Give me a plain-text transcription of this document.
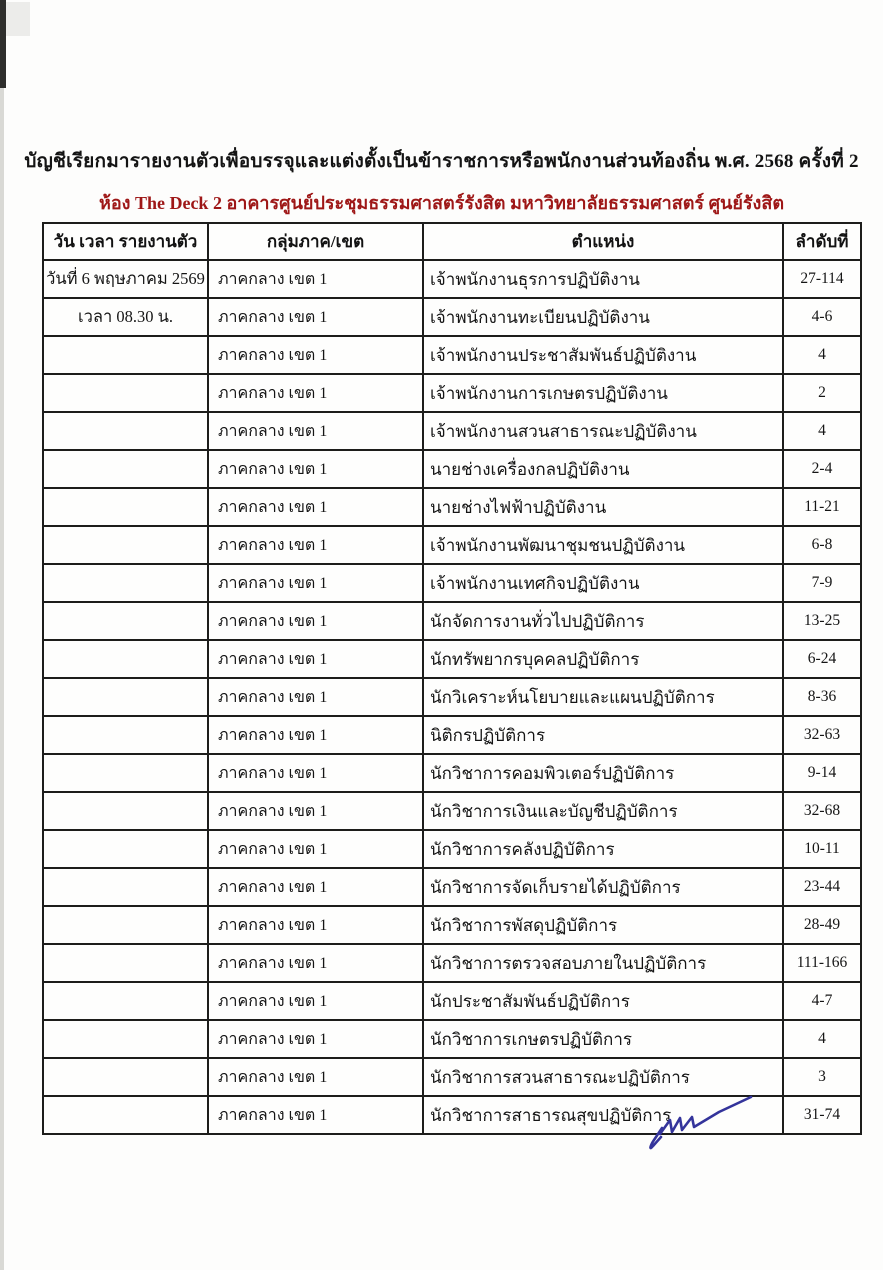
บัญชีเรียกมารายงานตัวเพื่อบรรจุและแต่งตั้งเป็นข้าราชการหรือพนักงานส่วนท้องถิ่น พ.ศ. 2568 ครั้งที่ 2
ห้อง The Deck 2 อาคารศูนย์ประชุมธรรมศาสตร์รังสิต มหาวิทยาลัยธรรมศาสตร์ ศูนย์รังสิต
วัน เวลา รายงานตัว	กลุ่มภาค/เขต	ตำแหน่ง	ลำดับที่
วันที่ 6 พฤษภาคม 2569	ภาคกลาง เขต 1	เจ้าพนักงานธุรการปฏิบัติงาน	27-114
เวลา 08.30 น.	ภาคกลาง เขต 1	เจ้าพนักงานทะเบียนปฏิบัติงาน	4-6
	ภาคกลาง เขต 1	เจ้าพนักงานประชาสัมพันธ์ปฏิบัติงาน	4
	ภาคกลาง เขต 1	เจ้าพนักงานการเกษตรปฏิบัติงาน	2
	ภาคกลาง เขต 1	เจ้าพนักงานสวนสาธารณะปฏิบัติงาน	4
	ภาคกลาง เขต 1	นายช่างเครื่องกลปฏิบัติงาน	2-4
	ภาคกลาง เขต 1	นายช่างไฟฟ้าปฏิบัติงาน	11-21
	ภาคกลาง เขต 1	เจ้าพนักงานพัฒนาชุมชนปฏิบัติงาน	6-8
	ภาคกลาง เขต 1	เจ้าพนักงานเทศกิจปฏิบัติงาน	7-9
	ภาคกลาง เขต 1	นักจัดการงานทั่วไปปฏิบัติการ	13-25
	ภาคกลาง เขต 1	นักทรัพยากรบุคคลปฏิบัติการ	6-24
	ภาคกลาง เขต 1	นักวิเคราะห์นโยบายและแผนปฏิบัติการ	8-36
	ภาคกลาง เขต 1	นิติกรปฏิบัติการ	32-63
	ภาคกลาง เขต 1	นักวิชาการคอมพิวเตอร์ปฏิบัติการ	9-14
	ภาคกลาง เขต 1	นักวิชาการเงินและบัญชีปฏิบัติการ	32-68
	ภาคกลาง เขต 1	นักวิชาการคลังปฏิบัติการ	10-11
	ภาคกลาง เขต 1	นักวิชาการจัดเก็บรายได้ปฏิบัติการ	23-44
	ภาคกลาง เขต 1	นักวิชาการพัสดุปฏิบัติการ	28-49
	ภาคกลาง เขต 1	นักวิชาการตรวจสอบภายในปฏิบัติการ	111-166
	ภาคกลาง เขต 1	นักประชาสัมพันธ์ปฏิบัติการ	4-7
	ภาคกลาง เขต 1	นักวิชาการเกษตรปฏิบัติการ	4
	ภาคกลาง เขต 1	นักวิชาการสวนสาธารณะปฏิบัติการ	3
	ภาคกลาง เขต 1	นักวิชาการสาธารณสุขปฏิบัติการ	31-74
